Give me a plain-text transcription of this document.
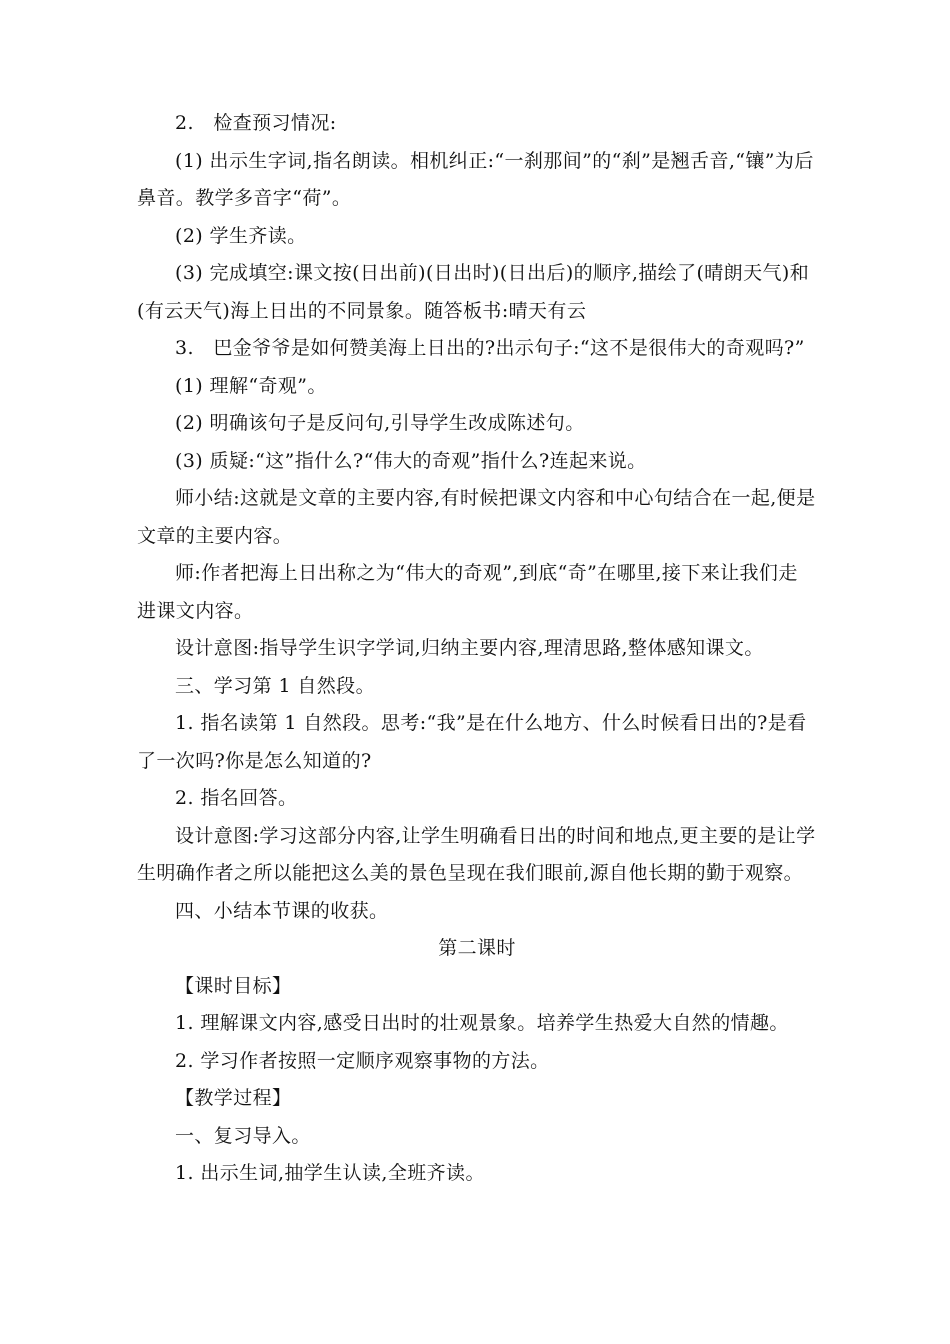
2.　检查预习情况:

(1) 出示生字词,指名朗读。相机纠正:“一刹那间”的“刹”是翘舌音,“镶”为后鼻音。教学多音字“荷”。

(2) 学生齐读。

(3) 完成填空:课文按(日出前)(日出时)(日出后)的顺序,描绘了(晴朗天气)和(有云天气)海上日出的不同景象。随答板书:晴天有云

3.　巴金爷爷是如何赞美海上日出的?出示句子:“这不是很伟大的奇观吗?”

(1) 理解“奇观”。

(2) 明确该句子是反问句,引导学生改成陈述句。

(3) 质疑:“这”指什么?“伟大的奇观”指什么?连起来说。

师小结:这就是文章的主要内容,有时候把课文内容和中心句结合在一起,便是文章的主要内容。

师:作者把海上日出称之为“伟大的奇观”,到底“奇”在哪里,接下来让我们走进课文内容。

设计意图:指导学生识字学词,归纳主要内容,理清思路,整体感知课文。

三、学习第 1 自然段。

1. 指名读第 1 自然段。思考:“我”是在什么地方、什么时候看日出的?是看了一次吗?你是怎么知道的?

2. 指名回答。

设计意图:学习这部分内容,让学生明确看日出的时间和地点,更主要的是让学生明确作者之所以能把这么美的景色呈现在我们眼前,源自他长期的勤于观察。

四、小结本节课的收获。

第二课时

【课时目标】

1. 理解课文内容,感受日出时的壮观景象。培养学生热爱大自然的情趣。

2. 学习作者按照一定顺序观察事物的方法。

【教学过程】

一、复习导入。

1. 出示生词,抽学生认读,全班齐读。
